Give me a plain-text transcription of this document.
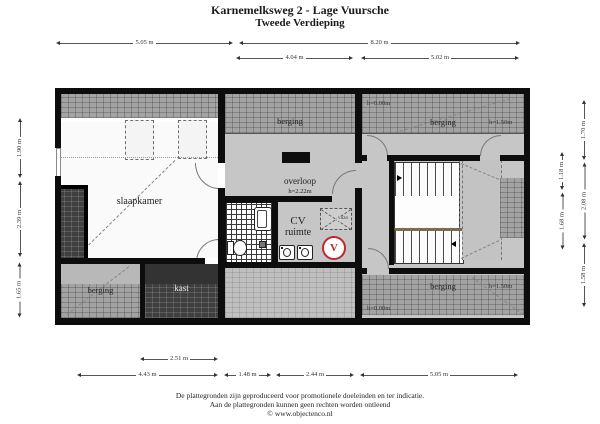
Karnemelksweg 2 - Lage Vuursche
Tweede Verdieping
5.05 m	8.20 m
4.04 m	5.02 m
1.90 m
2.39 m
1.65 m
1.18 m
1.68 m
1.70 m
2.08 m
1.58 m
2.51 m
4.43 m	1.48 m	2.44 m	5.05 m
slaapkamer
berging	kast
berging
h=0.00m
berging	h=1.50m
overloop
h=2.22m
CV
ruimte
vlizo
V
berging	h=1.50m
h=0.00m
De plattegronden zijn geproduceerd voor promotionele doeleinden en ter indicatie.
Aan de plattegronden kunnen geen rechten worden ontleend
© www.objectenco.nl
